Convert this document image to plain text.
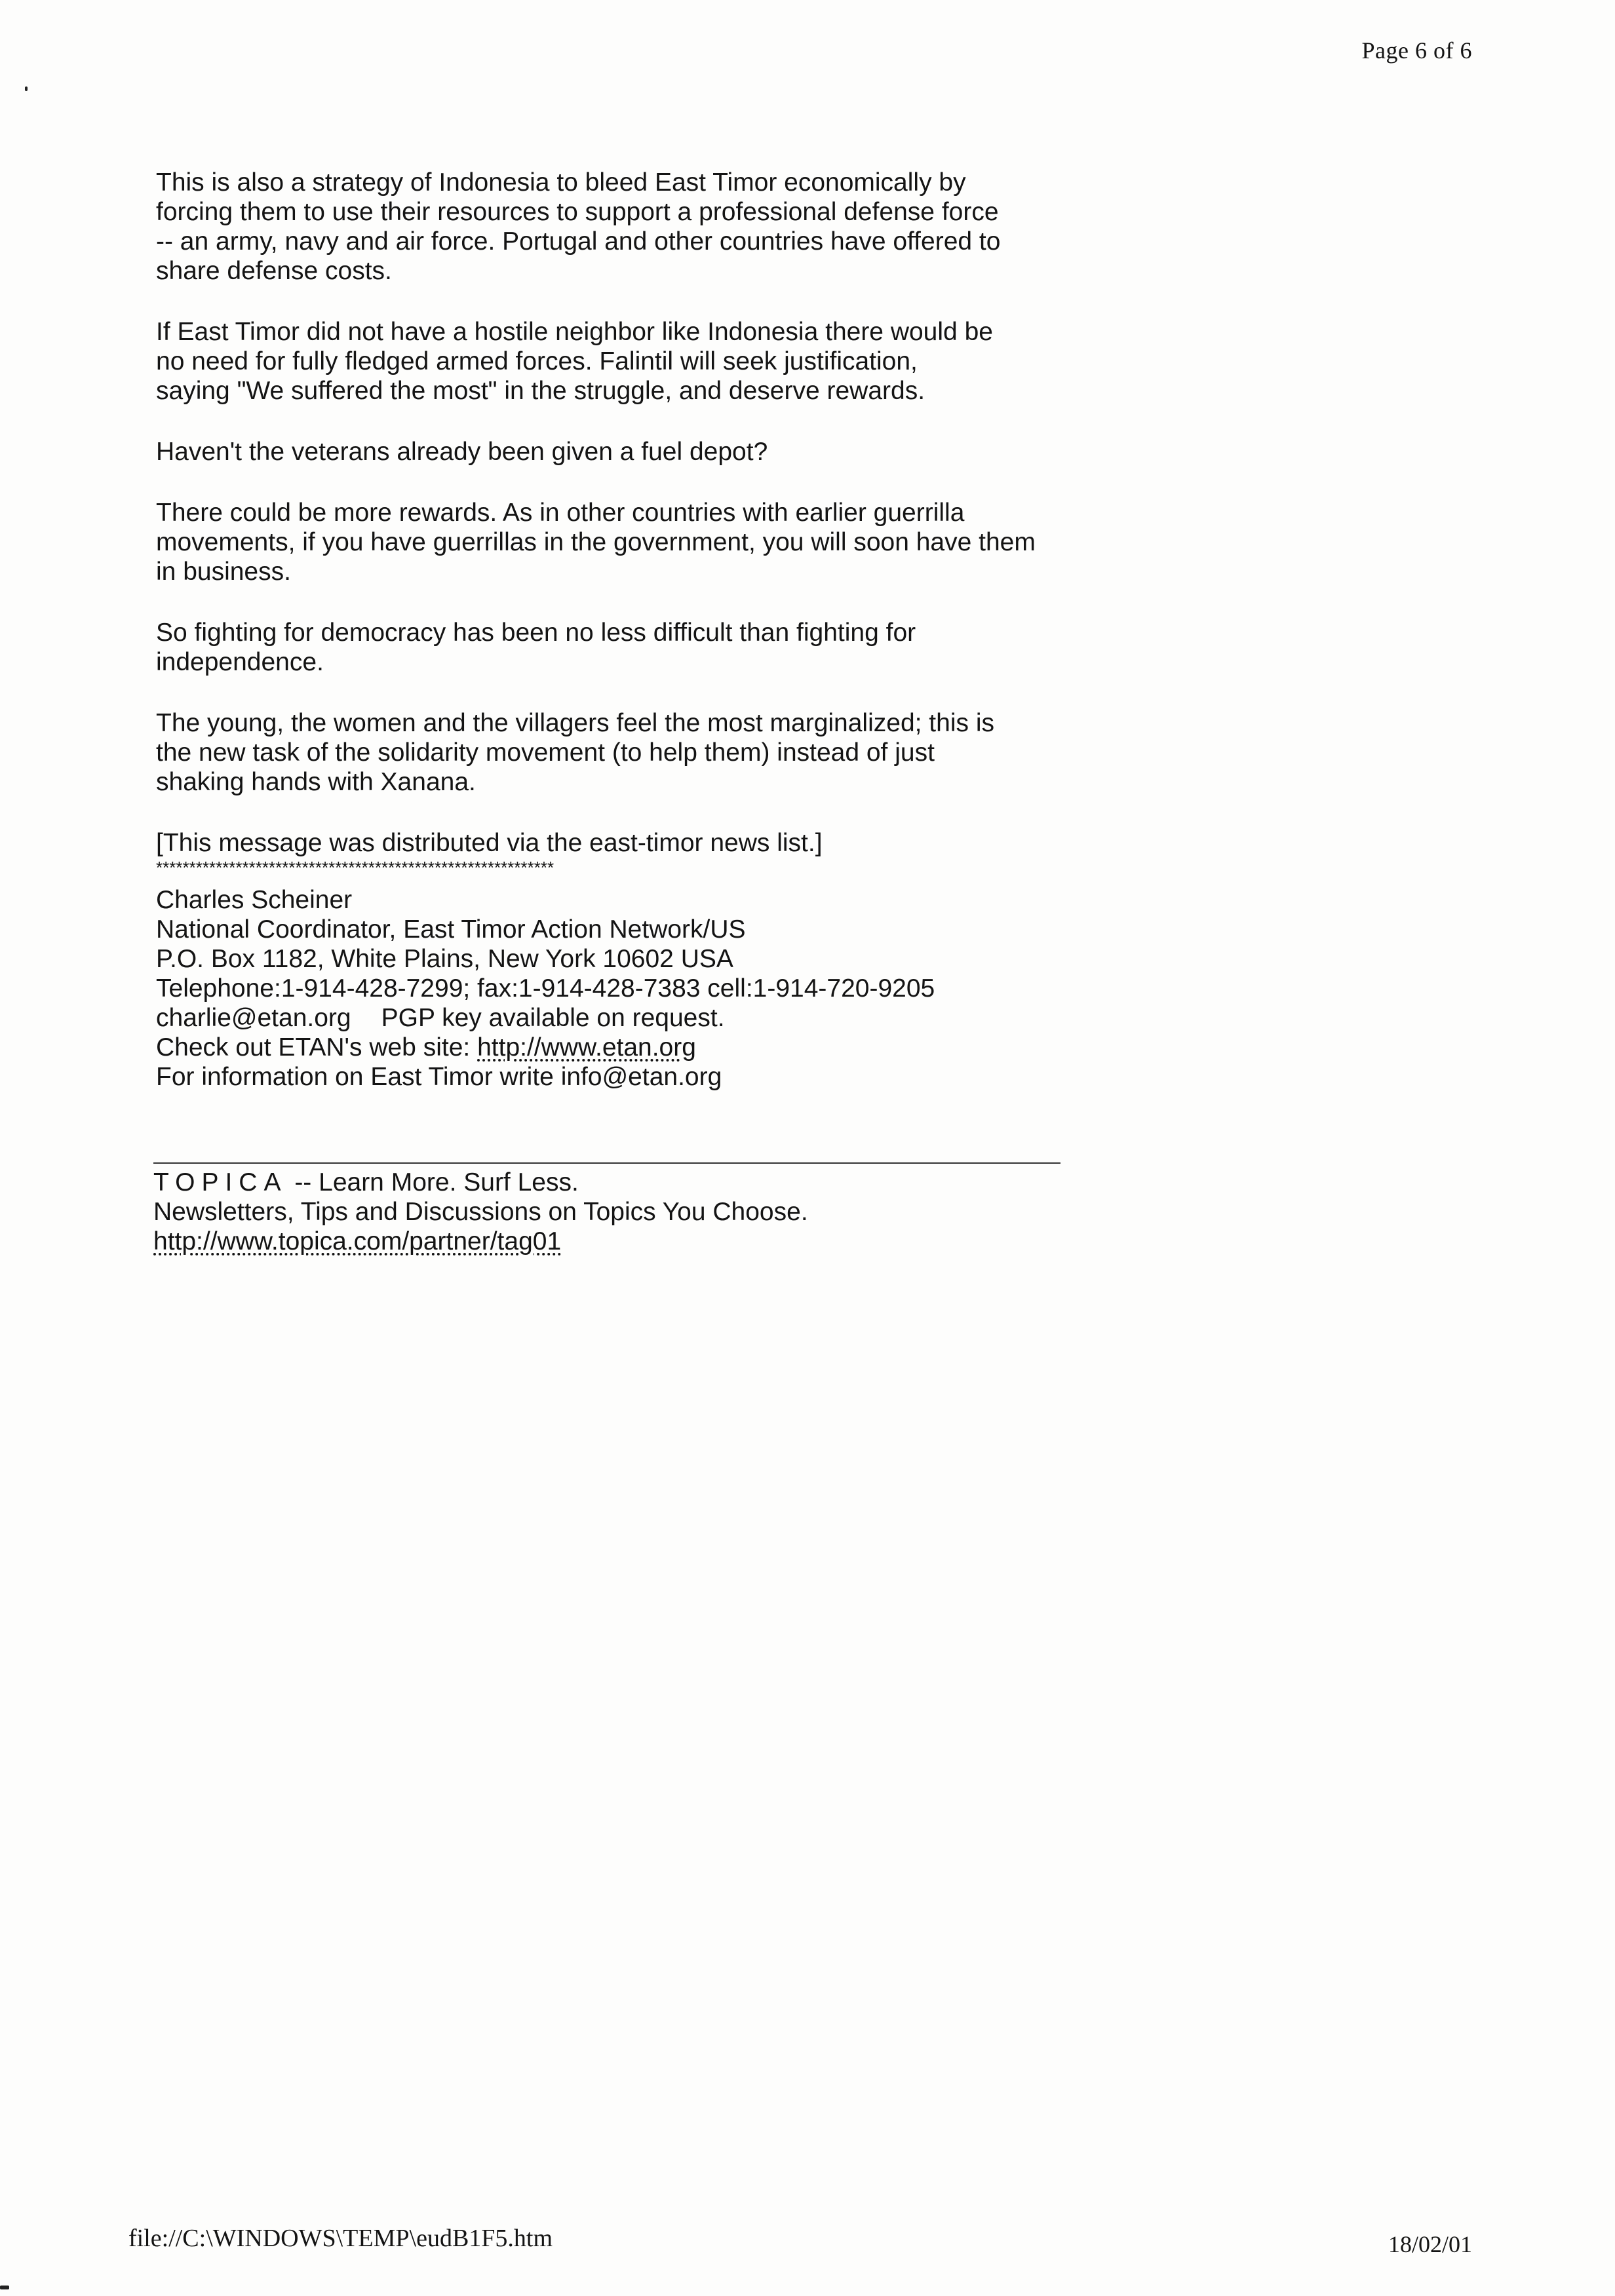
Page 6 of 6

This is also a strategy of Indonesia to bleed East Timor economically by
forcing them to use their resources to support a professional defense force
-- an army, navy and air force. Portugal and other countries have offered to
share defense costs.

If East Timor did not have a hostile neighbor like Indonesia there would be
no need for fully fledged armed forces. Falintil will seek justification,
saying "We suffered the most" in the struggle, and deserve rewards.

Haven't the veterans already been given a fuel depot?

There could be more rewards. As in other countries with earlier guerrilla
movements, if you have guerrillas in the government, you will soon have them
in business.

So fighting for democracy has been no less difficult than fighting for
independence.

The young, the women and the villagers feel the most marginalized; this is
the new task of the solidarity movement (to help them) instead of just
shaking hands with Xanana.

[This message was distributed via the east-timor news list.]

************************************************************

Charles Scheiner

National Coordinator, East Timor Action Network/US

P.O. Box 1182, White Plains, New York 10602 USA

Telephone:1-914-428-7299; fax:1-914-428-7383 cell:1-914-720-9205

charlie@etan.org PGP key available on request.

Check out ETAN's web site: http://www.etan.org

For information on East Timor write info@etan.org

TOPICA -- Learn More. Surf Less.

Newsletters, Tips and Discussions on Topics You Choose.

http://www.topica.com/partner/tag01

file://C:\WINDOWS\TEMP\eudB1F5.htm	18/02/01
